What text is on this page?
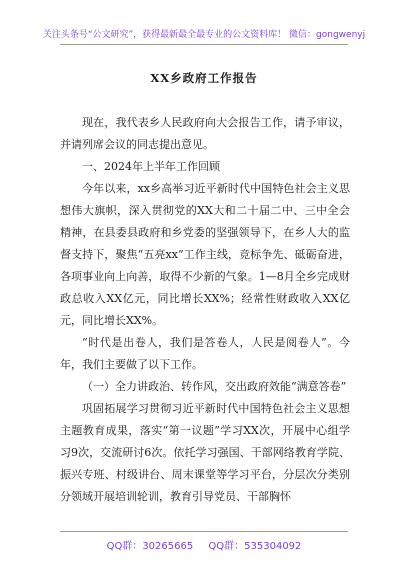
关注头条号“公文研究”，获得最新最全最专业的公文资料库！ 微信：gongwenyj
XX乡政府工作报告

现在，我代表乡人民政府向大会报告工作，请予审议，并请列席会议的同志提出意见。

一、2024年上半年工作回顾

今年以来，xx乡高举习近平新时代中国特色社会主义思想伟大旗帜，深入贯彻党的XX大和二十届二中、三中全会精神，在县委县政府和乡党委的坚强领导下，在乡人大的监督支持下，聚焦“五亮xx”工作主线，竞标争先、砥砺奋进，各项事业向上向善，取得不少新的气象。1—8月全乡完成财政总收入XX亿元，同比增长XX%；经常性财政收入XX亿元，同比增长XX%。

“时代是出卷人，我们是答卷人，人民是阅卷人”。今年，我们主要做了以下工作。

（一）全力讲政治、转作风，交出政府效能“满意答卷”

巩固拓展学习贯彻习近平新时代中国特色社会主义思想主题教育成果，落实“第一议题”学习XX次，开展中心组学习9次，交流研讨6次。依托学习强国、干部网络教育学院、振兴专班、村级讲台、周末课堂等学习平台，分层次分类别分领域开展培训轮训，教育引导党员、干部胸怀

QQ群：30265665 QQ群：535304092
